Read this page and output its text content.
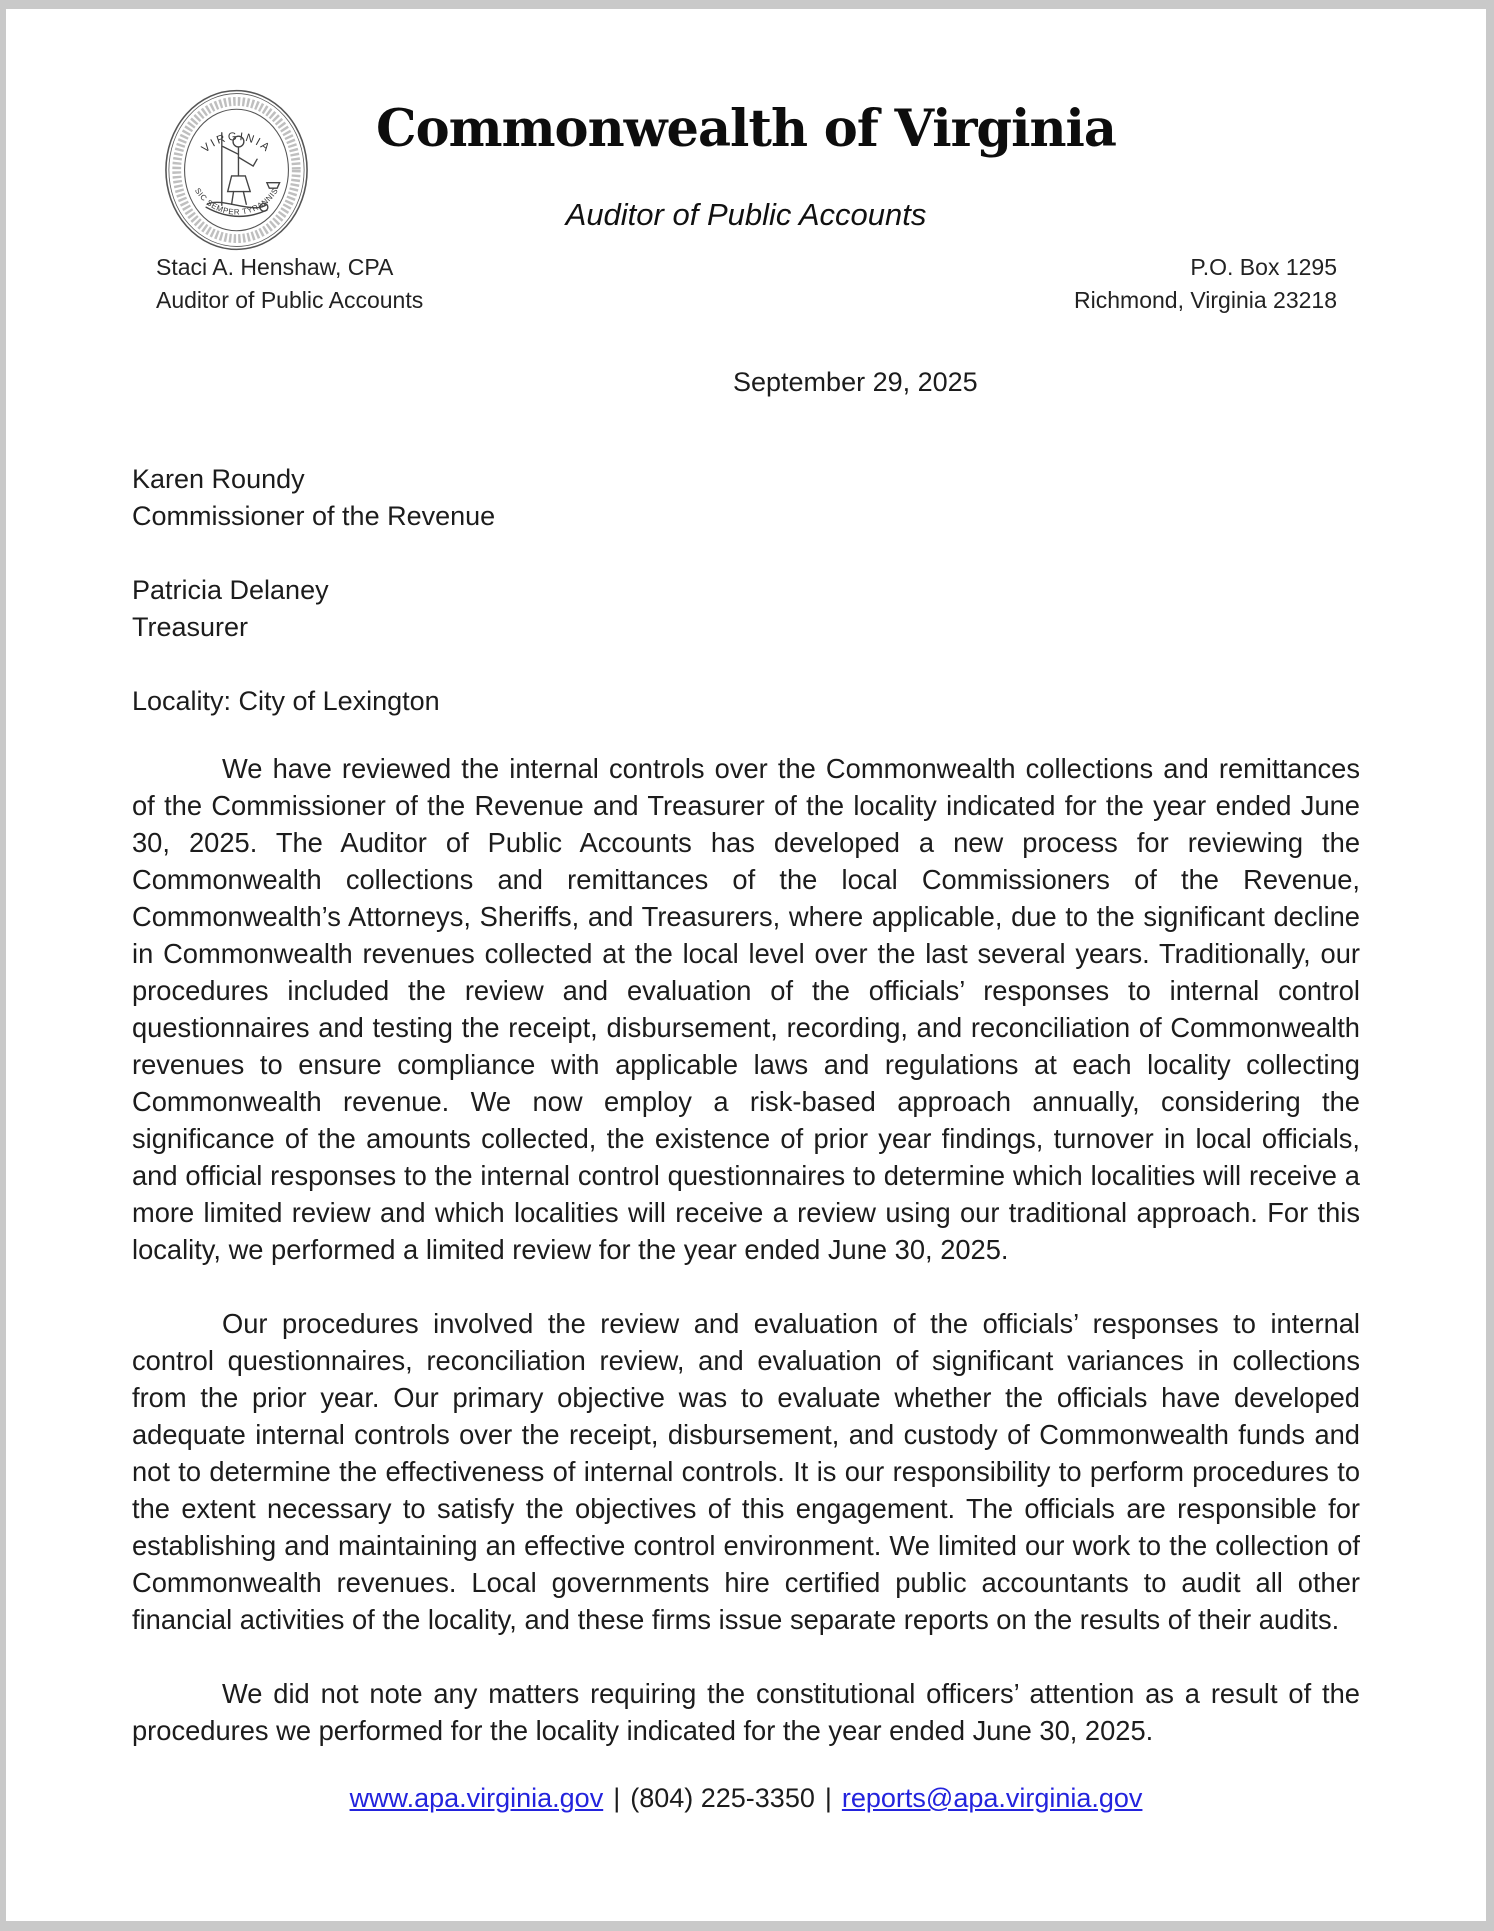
VIRGINIA
SIC SEMPER TYRANNIS
Commonwealth of Virginia
Auditor of Public Accounts
Staci A. Henshaw, CPA
Auditor of Public Accounts
P.O. Box 1295
Richmond, Virginia 23218
September 29, 2025
Karen Roundy
Commissioner of the Revenue
Patricia Delaney
Treasurer
Locality: City of Lexington

We have reviewed the internal controls over the Commonwealth collections and remittances of the Commissioner of the Revenue and Treasurer of the locality indicated for the year ended June 30, 2025. The Auditor of Public Accounts has developed a new process for reviewing the Commonwealth collections and remittances of the local Commissioners of the Revenue, Commonwealth’s Attorneys, Sheriffs, and Treasurers, where applicable, due to the significant decline in Commonwealth revenues collected at the local level over the last several years. Traditionally, our procedures included the review and evaluation of the officials’ responses to internal control questionnaires and testing the receipt, disbursement, recording, and reconciliation of Commonwealth revenues to ensure compliance with applicable laws and regulations at each locality collecting Commonwealth revenue. We now employ a risk-based approach annually, considering the significance of the amounts collected, the existence of prior year findings, turnover in local officials, and official responses to the internal control questionnaires to determine which localities will receive a more limited review and which localities will receive a review using our traditional approach. For this locality, we performed a limited review for the year ended June 30, 2025.

Our procedures involved the review and evaluation of the officials’ responses to internal control questionnaires, reconciliation review, and evaluation of significant variances in collections from the prior year. Our primary objective was to evaluate whether the officials have developed adequate internal controls over the receipt, disbursement, and custody of Commonwealth funds and not to determine the effectiveness of internal controls. It is our responsibility to perform procedures to the extent necessary to satisfy the objectives of this engagement. The officials are responsible for establishing and maintaining an effective control environment. We limited our work to the collection of Commonwealth revenues. Local governments hire certified public accountants to audit all other financial activities of the locality, and these firms issue separate reports on the results of their audits.

We did not note any matters requiring the constitutional officers’ attention as a result of the procedures we performed for the locality indicated for the year ended June 30, 2025.

www.apa.virginia.gov | (804) 225-3350 | reports@apa.virginia.gov
